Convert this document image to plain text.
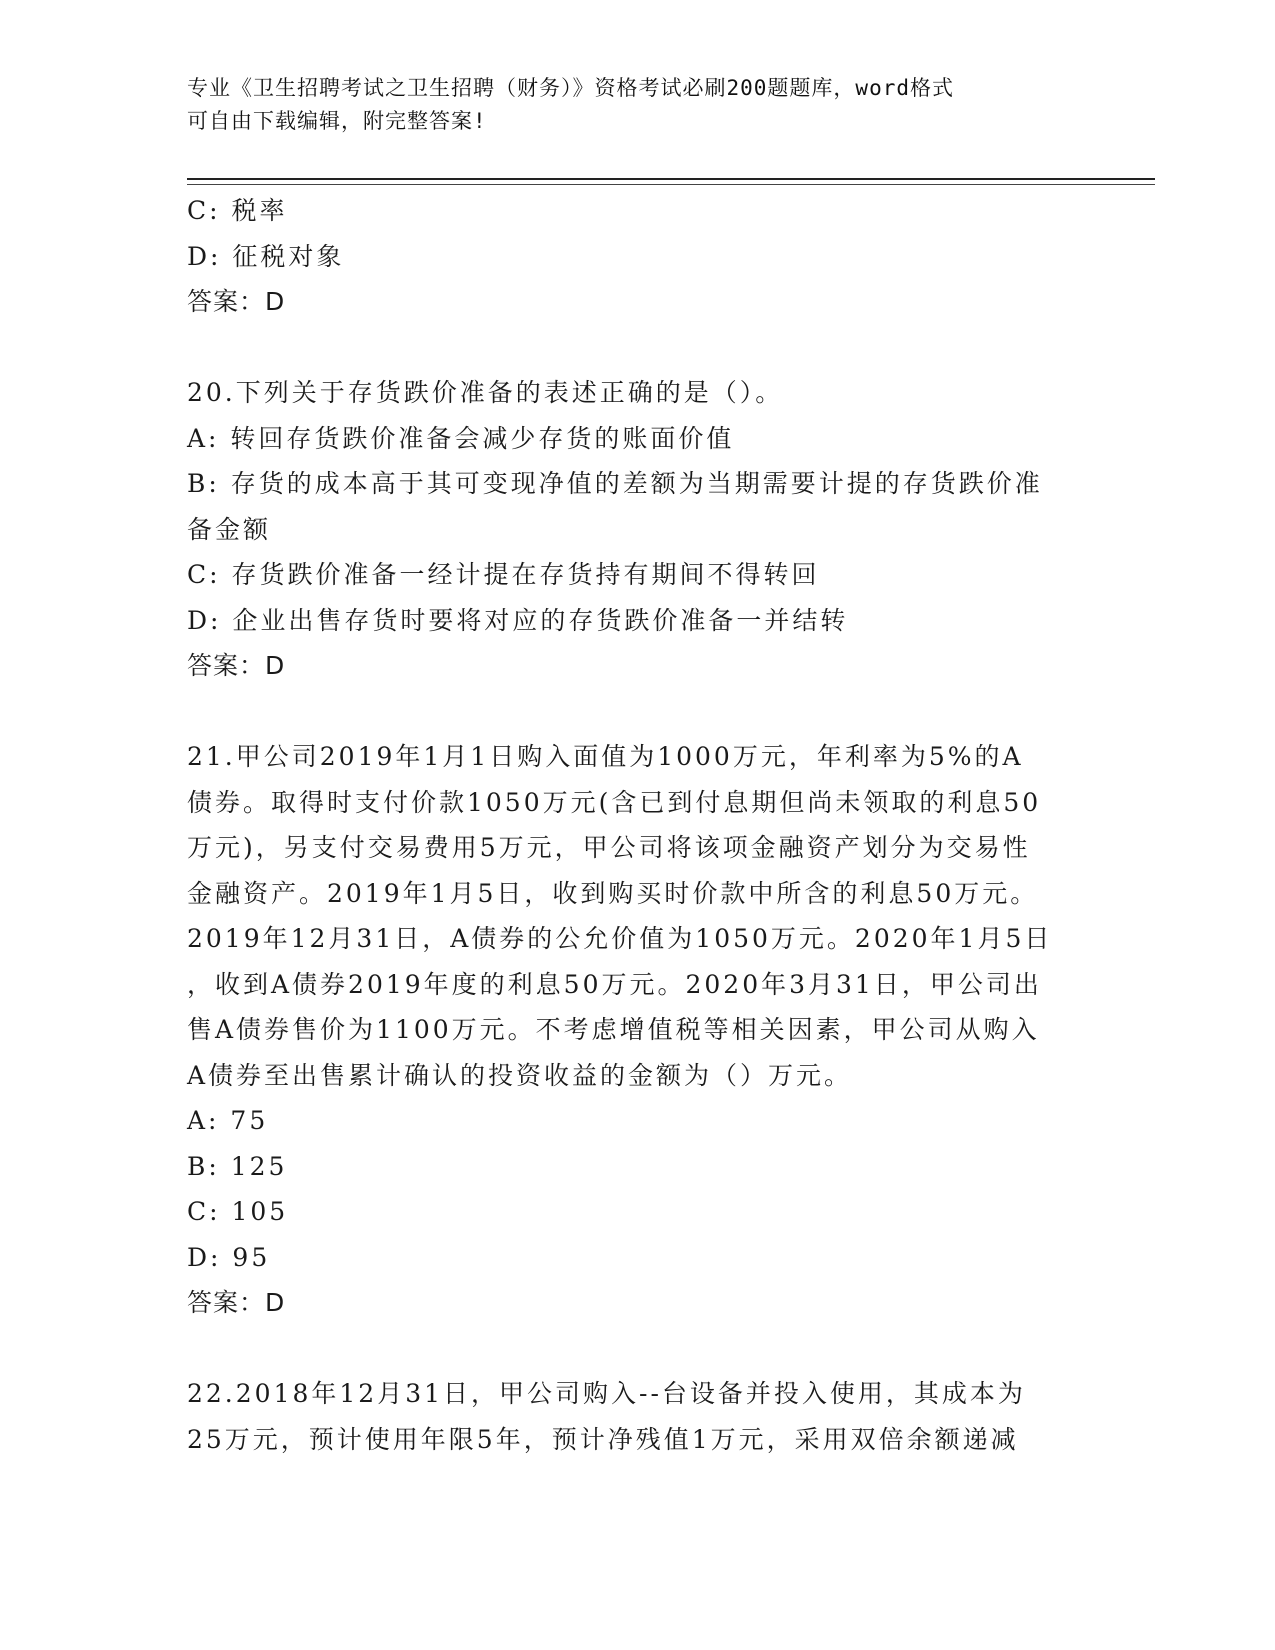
专业《卫生招聘考试之卫生招聘（财务）》资格考试必刷200题题库，word格式
可自由下载编辑，附完整答案!
C: 税率
D: 征税对象
答案：D
20.下列关于存货跌价准备的表述正确的是（）。
A: 转回存货跌价准备会减少存货的账面价值
B: 存货的成本高于其可变现净值的差额为当期需要计提的存货跌价准
备金额
C: 存货跌价准备一经计提在存货持有期间不得转回
D: 企业出售存货时要将对应的存货跌价准备一并结转
答案：D
21.甲公司2019年1月1日购入面值为1000万元，年利率为5%的A
债券。取得时支付价款1050万元(含已到付息期但尚未领取的利息50
万元)，另支付交易费用5万元，甲公司将该项金融资产划分为交易性
金融资产。2019年1月5日，收到购买时价款中所含的利息50万元。
2019年12月31日，A债券的公允价值为1050万元。2020年1月5日
，收到A债券2019年度的利息50万元。2020年3月31日，甲公司出
售A债券售价为1100万元。不考虑增值税等相关因素，甲公司从购入
A债券至出售累计确认的投资收益的金额为（）万元。
A: 75
B: 125
C: 105
D: 95
答案：D
22.2018年12月31日，甲公司购入--台设备并投入使用，其成本为
25万元，预计使用年限5年，预计净残值1万元，采用双倍余额递减
